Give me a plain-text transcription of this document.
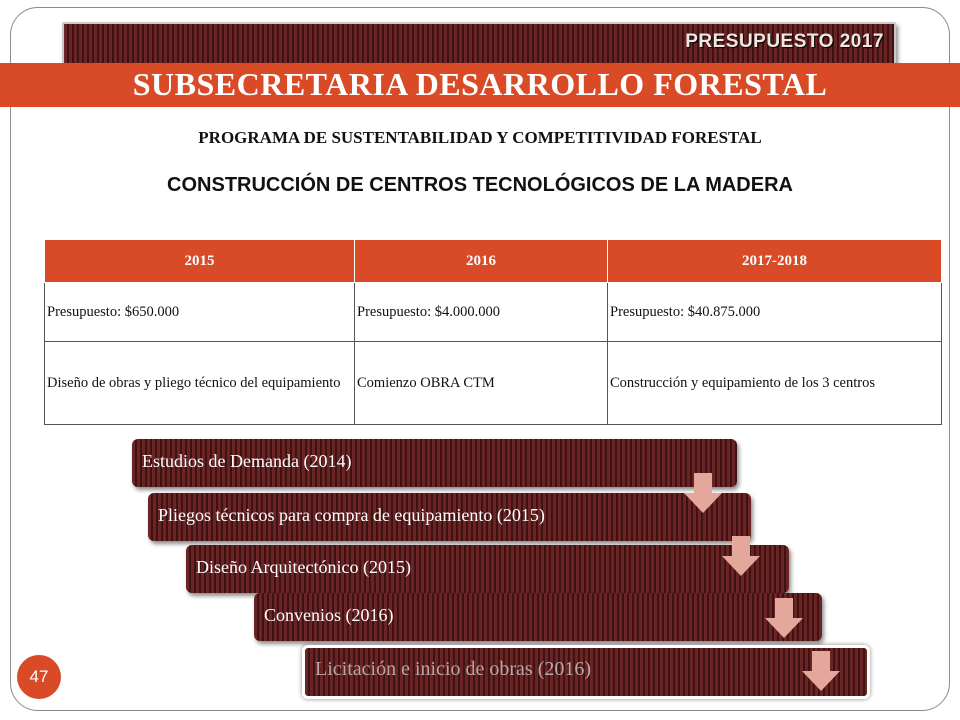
PRESUPUESTO 2017
SUBSECRETARIA DESARROLLO FORESTAL
PROGRAMA DE SUSTENTABILIDAD Y COMPETITIVIDAD FORESTAL
CONSTRUCCIÓN DE CENTROS TECNOLÓGICOS DE LA MADERA
2015	2016	2017-2018
Presupuesto: $650.000	Presupuesto: $4.000.000	Presupuesto: $40.875.000
Diseño de obras y pliego técnico del equipamiento	Comienzo OBRA CTM	Construcción y equipamiento de los 3 centros
Estudios de Demanda (2014)
Pliegos técnicos para compra de equipamiento (2015)
Diseño Arquitectónico (2015)
Convenios (2016)
Licitación e inicio de obras (2016)
47
